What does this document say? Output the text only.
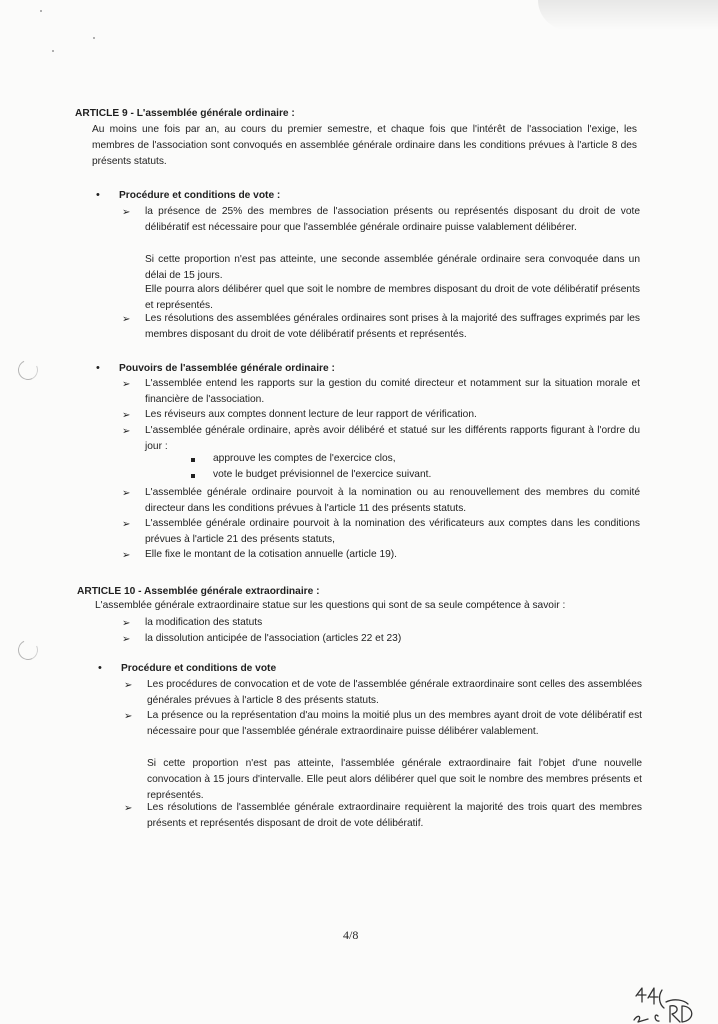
ARTICLE 9 - L'assemblée générale ordinaire :
Au moins une fois par an, au cours du premier semestre, et chaque fois que l'intérêt de l'association l'exige, les membres de l'association sont convoqués en assemblée générale ordinaire dans les conditions prévues à l'article 8 des présents statuts.
• Procédure et conditions de vote :
➢ la présence de 25% des membres de l'association présents ou représentés disposant du droit de vote délibératif est nécessaire pour que l'assemblée générale ordinaire puisse valablement délibérer.
Si cette proportion n'est pas atteinte, une seconde assemblée générale ordinaire sera convoquée dans un délai de 15 jours.
Elle pourra alors délibérer quel que soit le nombre de membres disposant du droit de vote délibératif présents et représentés.
➢ Les résolutions des assemblées générales ordinaires sont prises à la majorité des suffrages exprimés par les membres disposant du droit de vote délibératif présents et représentés.
• Pouvoirs de l'assemblée générale ordinaire :
➢ L'assemblée entend les rapports sur la gestion du comité directeur et notamment sur la situation morale et financière de l'association.
➢ Les réviseurs aux comptes donnent lecture de leur rapport de vérification.
➢ L'assemblée générale ordinaire, après avoir délibéré et statué sur les différents rapports figurant à l'ordre du jour :
approuve les comptes de l'exercice clos,
vote le budget prévisionnel de l'exercice suivant.
➢ L'assemblée générale ordinaire pourvoit à la nomination ou au renouvellement des membres du comité directeur dans les conditions prévues à l'article 11 des présents statuts.
➢ L'assemblée générale ordinaire pourvoit à la nomination des vérificateurs aux comptes dans les conditions prévues à l'article 21 des présents statuts,
➢ Elle fixe le montant de la cotisation annuelle (article 19).
ARTICLE 10 - Assemblée générale extraordinaire :
L'assemblée générale extraordinaire statue sur les questions qui sont de sa seule compétence à savoir :
➢ la modification des statuts
➢ la dissolution anticipée de l'association (articles 22 et 23)
• Procédure et conditions de vote
➢ Les procédures de convocation et de vote de l'assemblée générale extraordinaire sont celles des assemblées générales prévues à l'article 8 des présents statuts.
➢ La présence ou la représentation d'au moins la moitié plus un des membres ayant droit de vote délibératif est nécessaire pour que l'assemblée générale extraordinaire puisse délibérer valablement.
Si cette proportion n'est pas atteinte, l'assemblée générale extraordinaire fait l'objet d'une nouvelle convocation à 15 jours d'intervalle. Elle peut alors délibérer quel que soit le nombre des membres présents et représentés.
➢ Les résolutions de l'assemblée générale extraordinaire requièrent la majorité des trois quart des membres présents et représentés disposant de droit de vote délibératif.
4/8
